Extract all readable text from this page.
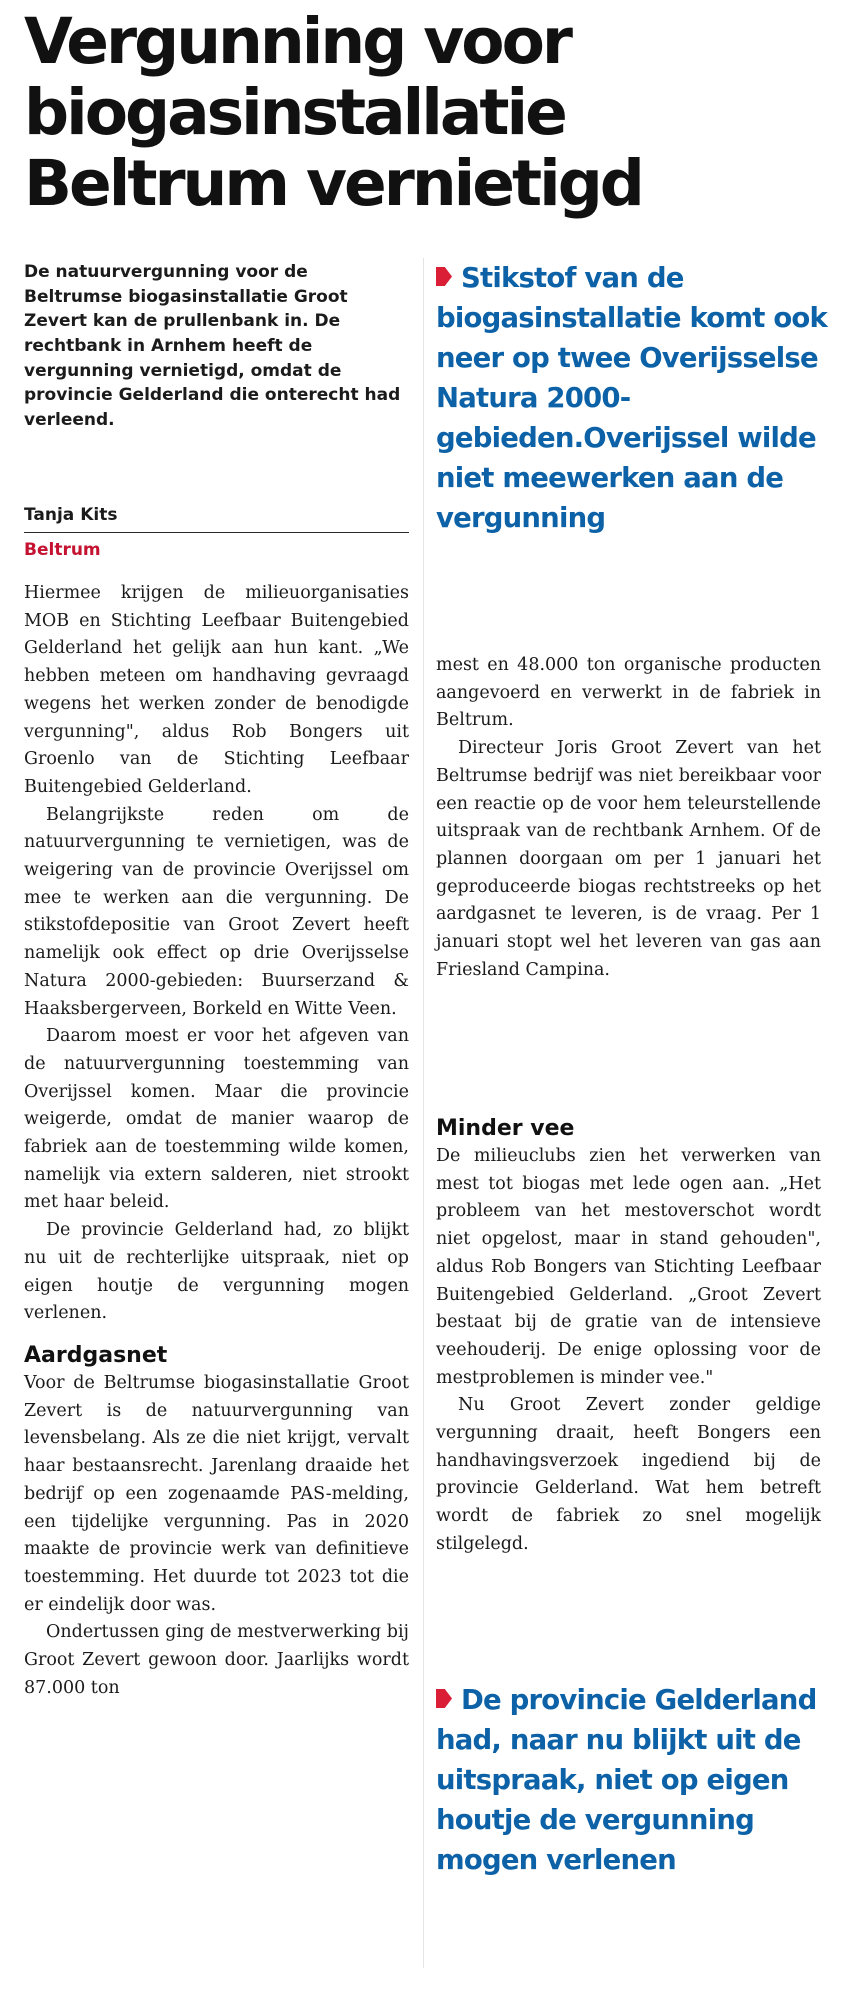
Vergunning voor biogasinstallatie Beltrum vernietigd

De natuurvergunning voor de Beltrumse biogasinstallatie Groot Zevert kan de prullenbank in. De rechtbank in Arnhem heeft de vergunning vernietigd, omdat de provincie Gelderland die onterecht had verleend.

Tanja Kits
Beltrum
Stikstof van de biogasinstallatie komt ook neer op twee Overijsselse Natura 2000-gebieden.Overijssel wilde niet meewerken aan de vergunning

Hiermee krijgen de milieuorganisaties MOB en Stichting Leefbaar Buitengebied Gelderland het gelijk aan hun kant. „We hebben meteen om handhaving gevraagd wegens het werken zonder de benodigde vergunning", aldus Rob Bongers uit Groenlo van de Stichting Leefbaar Buitengebied Gelderland.

Belangrijkste reden om de natuurvergunning te vernietigen, was de weigering van de provincie Overijssel om mee te werken aan die vergunning. De stikstofdepositie van Groot Zevert heeft namelijk ook effect op drie Overijsselse Natura 2000-gebieden: Buurserzand & Haaksbergerveen, Borkeld en Witte Veen.

Daarom moest er voor het afgeven van de natuurvergunning toestemming van Overijssel komen. Maar die provincie weigerde, omdat de manier waarop de fabriek aan de toestemming wilde komen, namelijk via extern salderen, niet strookt met haar beleid.

De provincie Gelderland had, zo blijkt nu uit de rechterlijke uitspraak, niet op eigen houtje de vergunning mogen verlenen.

Aardgasnet

Voor de Beltrumse biogasinstallatie Groot Zevert is de natuurvergunning van levensbelang. Als ze die niet krijgt, vervalt haar bestaansrecht. Jarenlang draaide het bedrijf op een zogenaamde PAS-melding, een tijdelijke vergunning. Pas in 2020 maakte de provincie werk van definitieve toestemming. Het duurde tot 2023 tot die er eindelijk door was.

Ondertussen ging de mestverwerking bij Groot Zevert gewoon door. Jaarlijks wordt 87.000 ton

mest en 48.000 ton organische producten aangevoerd en verwerkt in de fabriek in Beltrum.

Directeur Joris Groot Zevert van het Beltrumse bedrijf was niet bereikbaar voor een reactie op de voor hem teleurstellende uitspraak van de rechtbank Arnhem. Of de plannen doorgaan om per 1 januari het geproduceerde biogas rechtstreeks op het aardgasnet te leveren, is de vraag. Per 1 januari stopt wel het leveren van gas aan Friesland Campina.

Minder vee

De milieuclubs zien het verwerken van mest tot biogas met lede ogen aan. „Het probleem van het mestoverschot wordt niet opgelost, maar in stand gehouden", aldus Rob Bongers van Stichting Leefbaar Buitengebied Gelderland. „Groot Zevert bestaat bij de gratie van de intensieve veehouderij. De enige oplossing voor de mestproblemen is minder vee."

Nu Groot Zevert zonder geldige vergunning draait, heeft Bongers een handhavingsverzoek ingediend bij de provincie Gelderland. Wat hem betreft wordt de fabriek zo snel mogelijk stilgelegd.

De provincie Gelderland had, naar nu blijkt uit de uitspraak, niet op eigen houtje de vergunning mogen verlenen
